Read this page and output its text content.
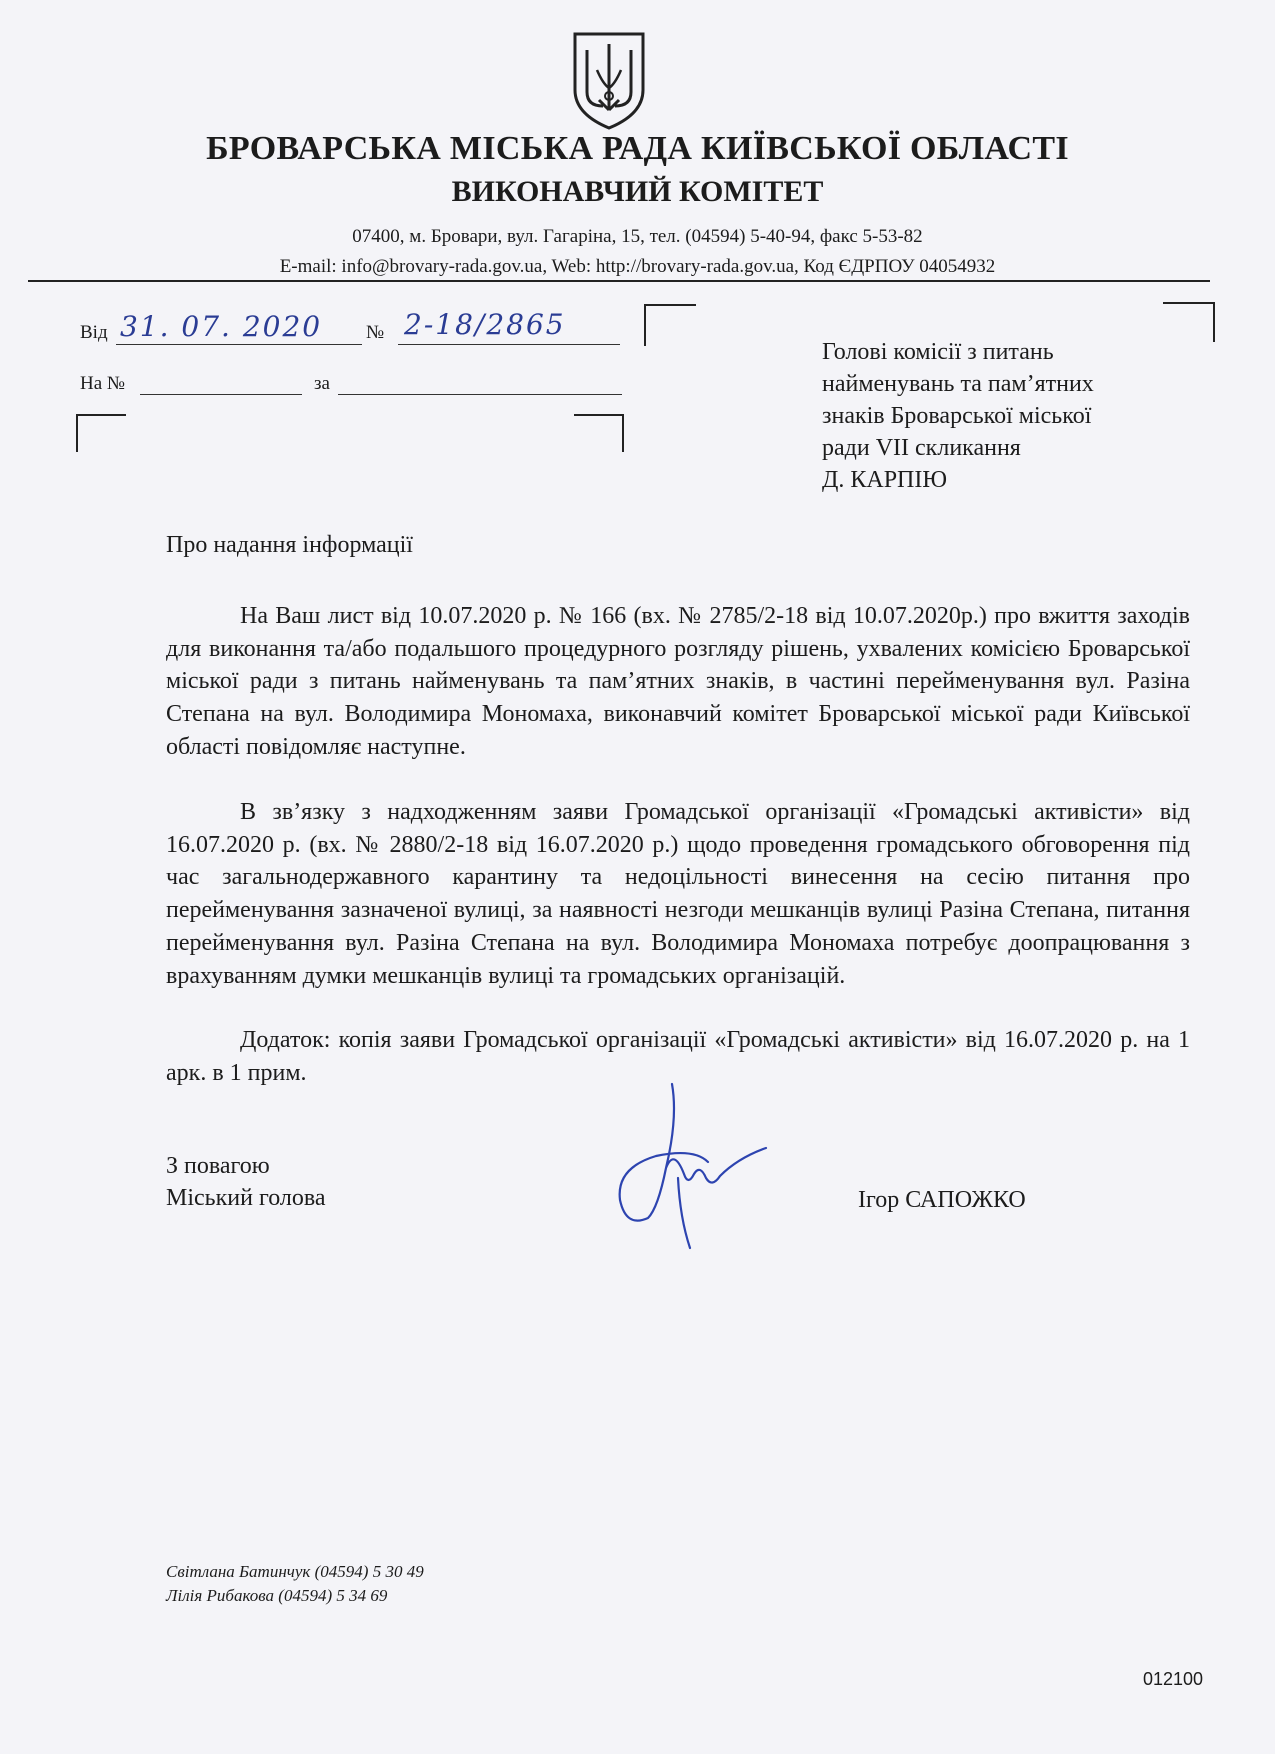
БРОВАРСЬКА МІСЬКА РАДА КИЇВСЬКОЇ ОБЛАСТІ
ВИКОНАВЧИЙ КОМІТЕТ
07400, м. Бровари, вул. Гагаріна, 15, тел. (04594) 5-40-94, факс 5-53-82
E-mail: info@brovary-rada.gov.ua, Web: http://brovary-rada.gov.ua, Код ЄДРПОУ 04054932
Від 31. 07. 2020 № 2-18/2865
На №	за
Голові комісії з питань
найменувань та пам’ятних
знаків Броварської міської
ради VII скликання
Д. КАРПІЮ
Про надання інформації
На Ваш лист від 10.07.2020 р. № 166 (вх. № 2785/2-18 від 10.07.2020р.) про вжиття заходів для виконання та/або подальшого процедурного розгляду рішень, ухвалених комісією Броварської міської ради з питань найменувань та пам’ятних знаків, в частині перейменування вул. Разіна Степана на вул. Володимира Мономаха, виконавчий комітет Броварської міської ради Київської області повідомляє наступне.
В зв’язку з надходженням заяви Громадської організації «Громадські активісти» від 16.07.2020 р. (вх. № 2880/2-18 від 16.07.2020 р.) щодо проведення громадського обговорення під час загальнодержавного карантину та недоцільності винесення на сесію питання про перейменування зазначеної вулиці, за наявності незгоди мешканців вулиці Разіна Степана, питання перейменування вул. Разіна Степана на вул. Володимира Мономаха потребує доопрацювання з врахуванням думки мешканців вулиці та громадських організацій.
Додаток: копія заяви Громадської організації «Громадські активісти» від 16.07.2020 р. на 1 арк. в 1 прим.
З повагою
Міський голова	Ігор САПОЖКО
Світлана Батинчук (04594) 5 30 49
Лілія Рибакова (04594) 5 34 69
012100
